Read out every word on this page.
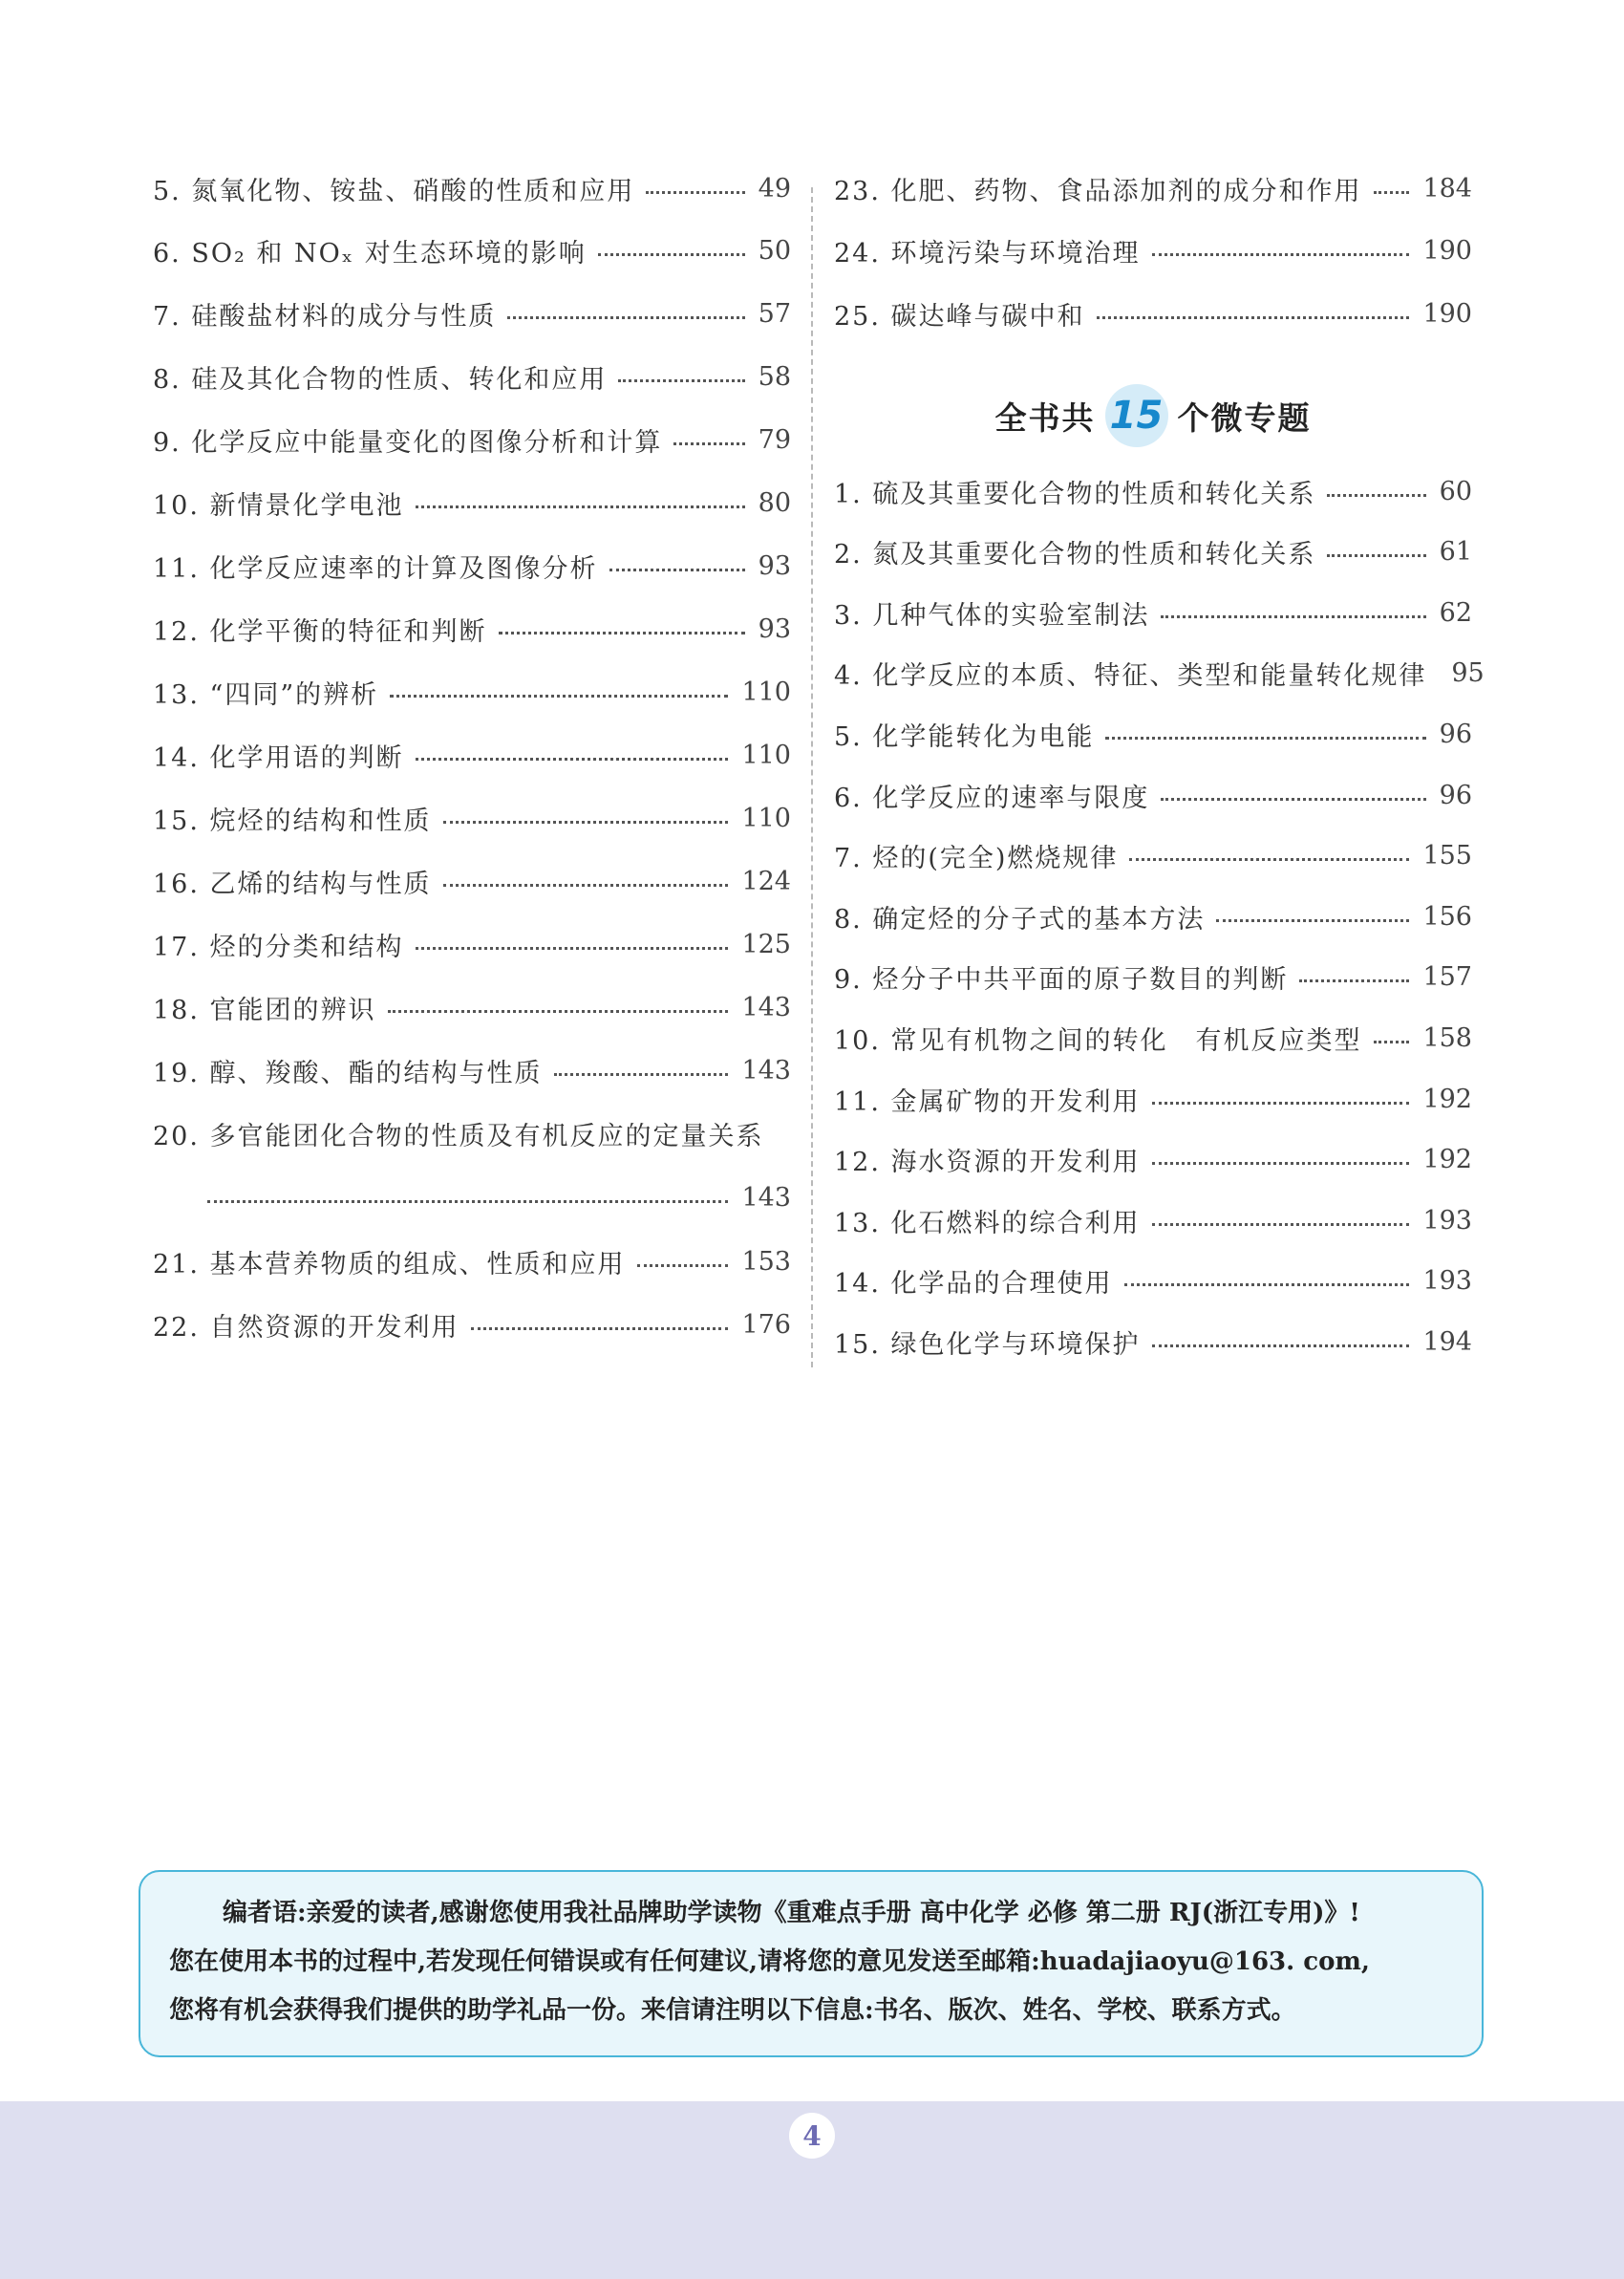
5. 氮氧化物、铵盐、硝酸的性质和应用	49
6. SO₂ 和 NOₓ 对生态环境的影响	50
7. 硅酸盐材料的成分与性质	57
8. 硅及其化合物的性质、转化和应用	58
9. 化学反应中能量变化的图像分析和计算	79
10. 新情景化学电池	80
11. 化学反应速率的计算及图像分析	93
12. 化学平衡的特征和判断	93
13. “四同”的辨析	110
14. 化学用语的判断	110
15. 烷烃的结构和性质	110
16. 乙烯的结构与性质	124
17. 烃的分类和结构	125
18. 官能团的辨识	143
19. 醇、羧酸、酯的结构与性质	143
20. 多官能团化合物的性质及有机反应的定量关系
143
21. 基本营养物质的组成、性质和应用	153
22. 自然资源的开发利用	176
23. 化肥、药物、食品添加剂的成分和作用 184
24. 环境污染与环境治理	190
25. 碳达峰与碳中和	190
1. 硫及其重要化合物的性质和转化关系	60
2. 氮及其重要化合物的性质和转化关系	61
3. 几种气体的实验室制法	62
4. 化学反应的本质、特征、类型和能量转化规律 95
5. 化学能转化为电能	96
6. 化学反应的速率与限度	96
7. 烃的(完全)燃烧规律	155
8. 确定烃的分子式的基本方法	156
9. 烃分子中共平面的原子数目的判断	157
10. 常见有机物之间的转化　有机反应类型 158
11. 金属矿物的开发利用	192
12. 海水资源的开发利用	192
13. 化石燃料的综合利用	193
14. 化学品的合理使用	193
15. 绿色化学与环境保护	194
全书共 15 个微专题

编者语:亲爱的读者,感谢您使用我社品牌助学读物《重难点手册 高中化学 必修 第二册 RJ(浙江专用)》!

您在使用本书的过程中,若发现任何错误或有任何建议,请将您的意见发送至邮箱:huadajiaoyu@163. com,

您将有机会获得我们提供的助学礼品一份。来信请注明以下信息:书名、版次、姓名、学校、联系方式。

4
